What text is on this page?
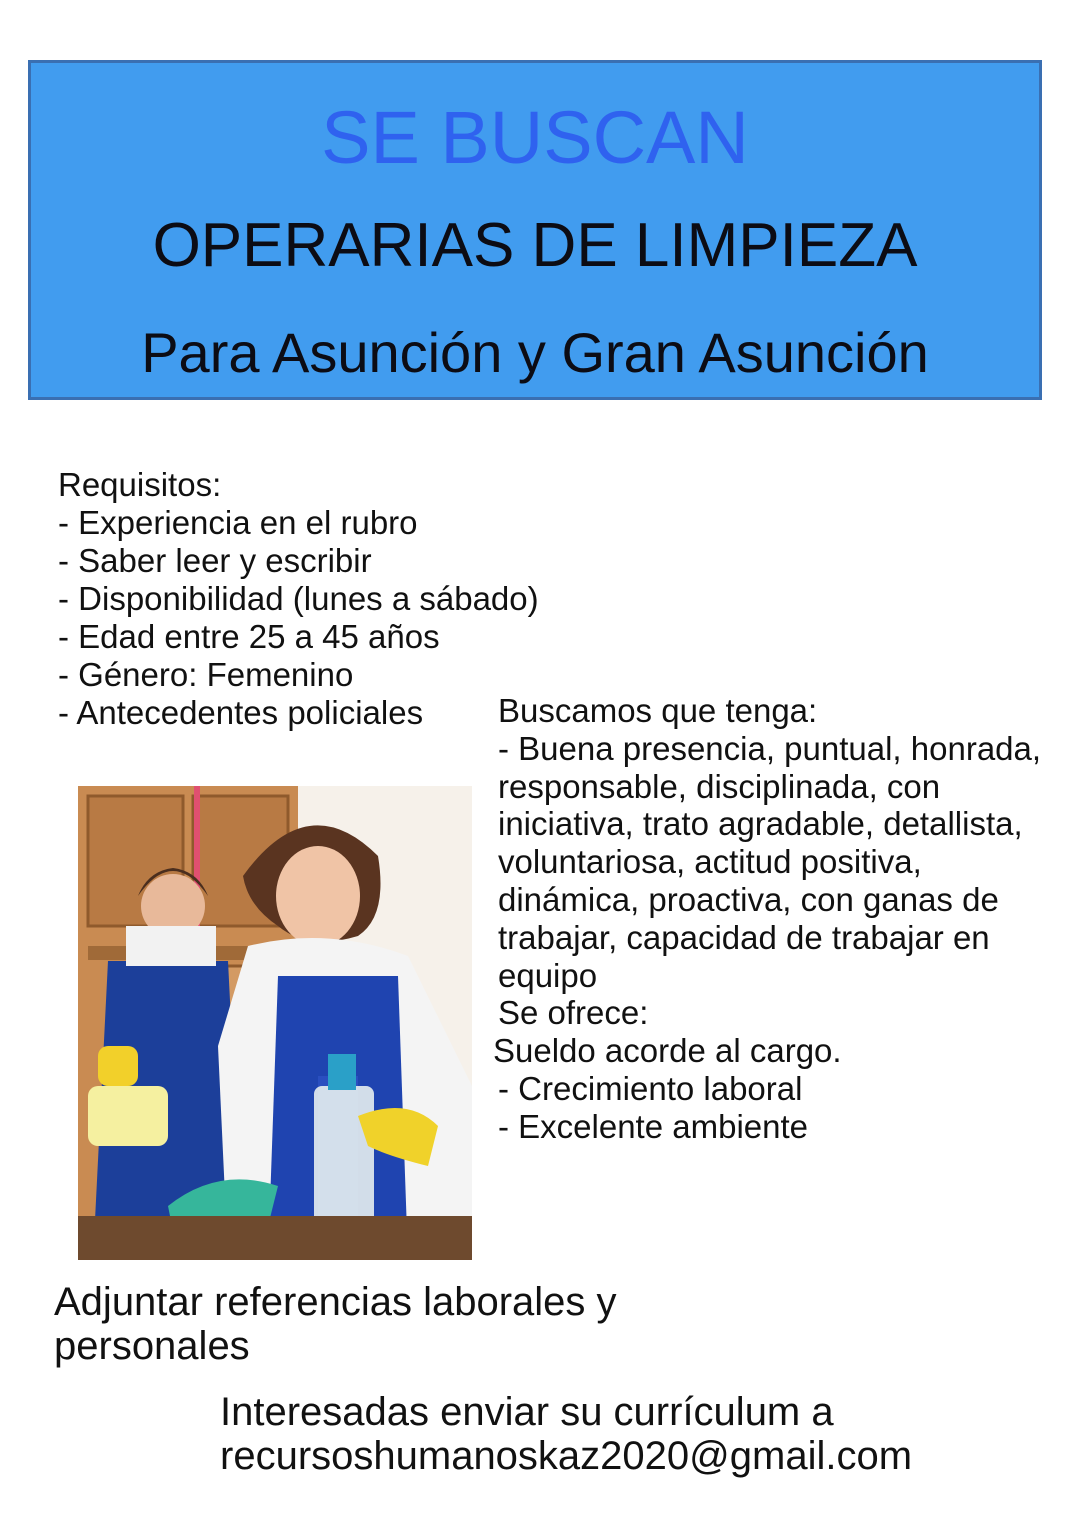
SE BUSCAN
OPERARIAS DE LIMPIEZA
Para Asunción y Gran Asunción
Requisitos:
- Experiencia en el rubro
- Saber leer y escribir
- Disponibilidad (lunes a sábado)
- Edad entre 25 a 45 años
- Género: Femenino
- Antecedentes policiales	Buscamos que tenga:
- Buena presencia, puntual, honrada, responsable, disciplinada, con iniciativa, trato agradable, detallista, voluntariosa, actitud positiva, dinámica, proactiva, con ganas de trabajar, capacidad de trabajar en equipo
Se ofrece:
Sueldo acorde al cargo.
- Crecimiento laboral
- Excelente ambiente
Adjuntar referencias laborales y personales
Interesadas enviar su currículum a
recursoshumanoskaz2020@gmail.com
